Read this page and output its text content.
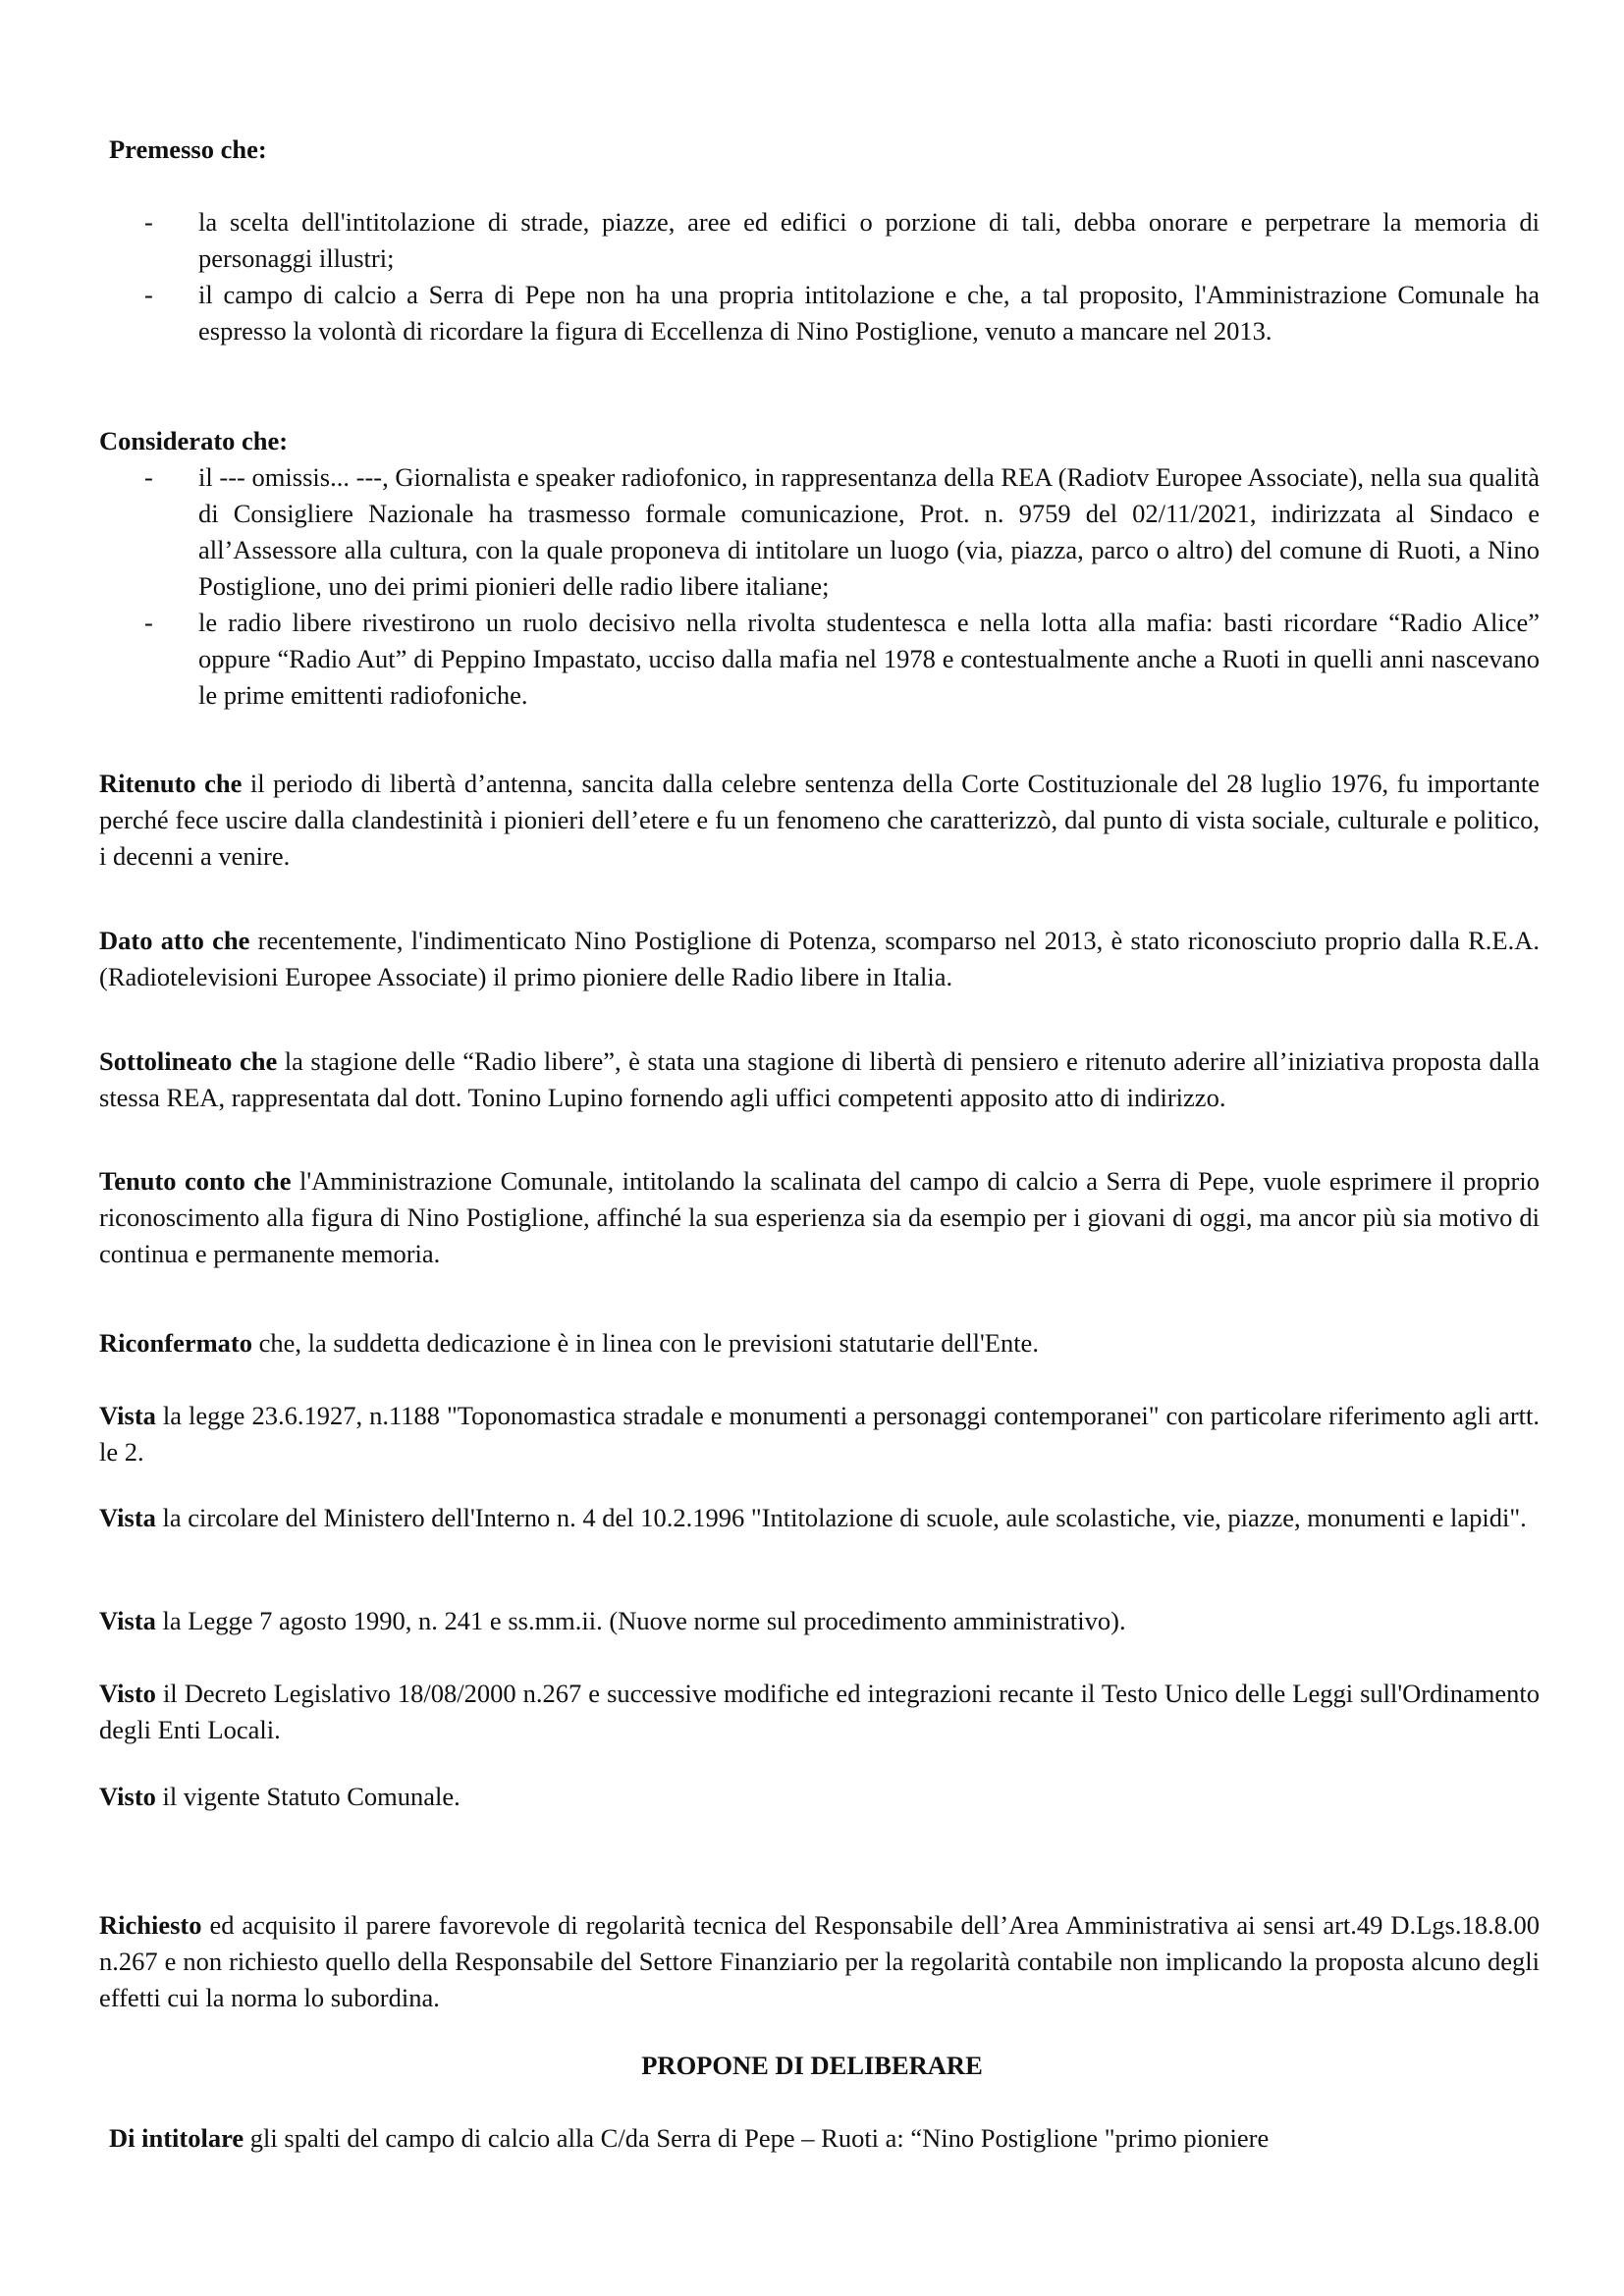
Premesso che:
- la scelta dell'intitolazione di strade, piazze, aree ed edifici o porzione di tali, debba onorare e perpetrare la memoria di personaggi illustri;
- il campo di calcio a Serra di Pepe non ha una propria intitolazione e che, a tal proposito, l'Amministrazione Comunale ha espresso la volontà di ricordare la figura di Eccellenza di Nino Postiglione, venuto a mancare nel 2013.
Considerato che:
- il --- omissis... ---, Giornalista e speaker radiofonico, in rappresentanza della REA (Radiotv Europee Associate), nella sua qualità di Consigliere Nazionale ha trasmesso formale comunicazione, Prot. n. 9759 del 02/11/2021, indirizzata al Sindaco e all’Assessore alla cultura, con la quale proponeva di intitolare un luogo (via, piazza, parco o altro) del comune di Ruoti, a Nino Postiglione, uno dei primi pionieri delle radio libere italiane;
- le radio libere rivestirono un ruolo decisivo nella rivolta studentesca e nella lotta alla mafia: basti ricordare “Radio Alice” oppure “Radio Aut” di Peppino Impastato, ucciso dalla mafia nel 1978 e contestualmente anche a Ruoti in quelli anni nascevano le prime emittenti radiofoniche.

Ritenuto che il periodo di libertà d’antenna, sancita dalla celebre sentenza della Corte Costituzionale del 28 luglio 1976, fu importante perché fece uscire dalla clandestinità i pionieri dell’etere e fu un fenomeno che caratterizzò, dal punto di vista sociale, culturale e politico, i decenni a venire.

Dato atto che recentemente, l'indimenticato Nino Postiglione di Potenza, scomparso nel 2013, è stato riconosciuto proprio dalla R.E.A. (Radiotelevisioni Europee Associate) il primo pioniere delle Radio libere in Italia.

Sottolineato che la stagione delle “Radio libere”, è stata una stagione di libertà di pensiero e ritenuto aderire all’iniziativa proposta dalla stessa REA, rappresentata dal dott. Tonino Lupino fornendo agli uffici competenti apposito atto di indirizzo.

Tenuto conto che l'Amministrazione Comunale, intitolando la scalinata del campo di calcio a Serra di Pepe, vuole esprimere il proprio riconoscimento alla figura di Nino Postiglione, affinché la sua esperienza sia da esempio per i giovani di oggi, ma ancor più sia motivo di continua e permanente memoria.

Riconfermato che, la suddetta dedicazione è in linea con le previsioni statutarie dell'Ente.

Vista la legge 23.6.1927, n.1188 "Toponomastica stradale e monumenti a personaggi contemporanei" con particolare riferimento agli artt. le 2.

Vista la circolare del Ministero dell'Interno n. 4 del 10.2.1996 "Intitolazione di scuole, aule scolastiche, vie, piazze, monumenti e lapidi".

Vista la Legge 7 agosto 1990, n. 241 e ss.mm.ii. (Nuove norme sul procedimento amministrativo).

Visto il Decreto Legislativo 18/08/2000 n.267 e successive modifiche ed integrazioni recante il Testo Unico delle Leggi sull'Ordinamento degli Enti Locali.

Visto il vigente Statuto Comunale.

Richiesto ed acquisito il parere favorevole di regolarità tecnica del Responsabile dell’Area Amministrativa ai sensi art.49 D.Lgs.18.8.00 n.267 e non richiesto quello della Responsabile del Settore Finanziario per la regolarità contabile non implicando la proposta alcuno degli effetti cui la norma lo subordina.

PROPONE DI DELIBERARE

Di intitolare gli spalti del campo di calcio alla C/da Serra di Pepe – Ruoti a: “Nino Postiglione "primo pioniere
